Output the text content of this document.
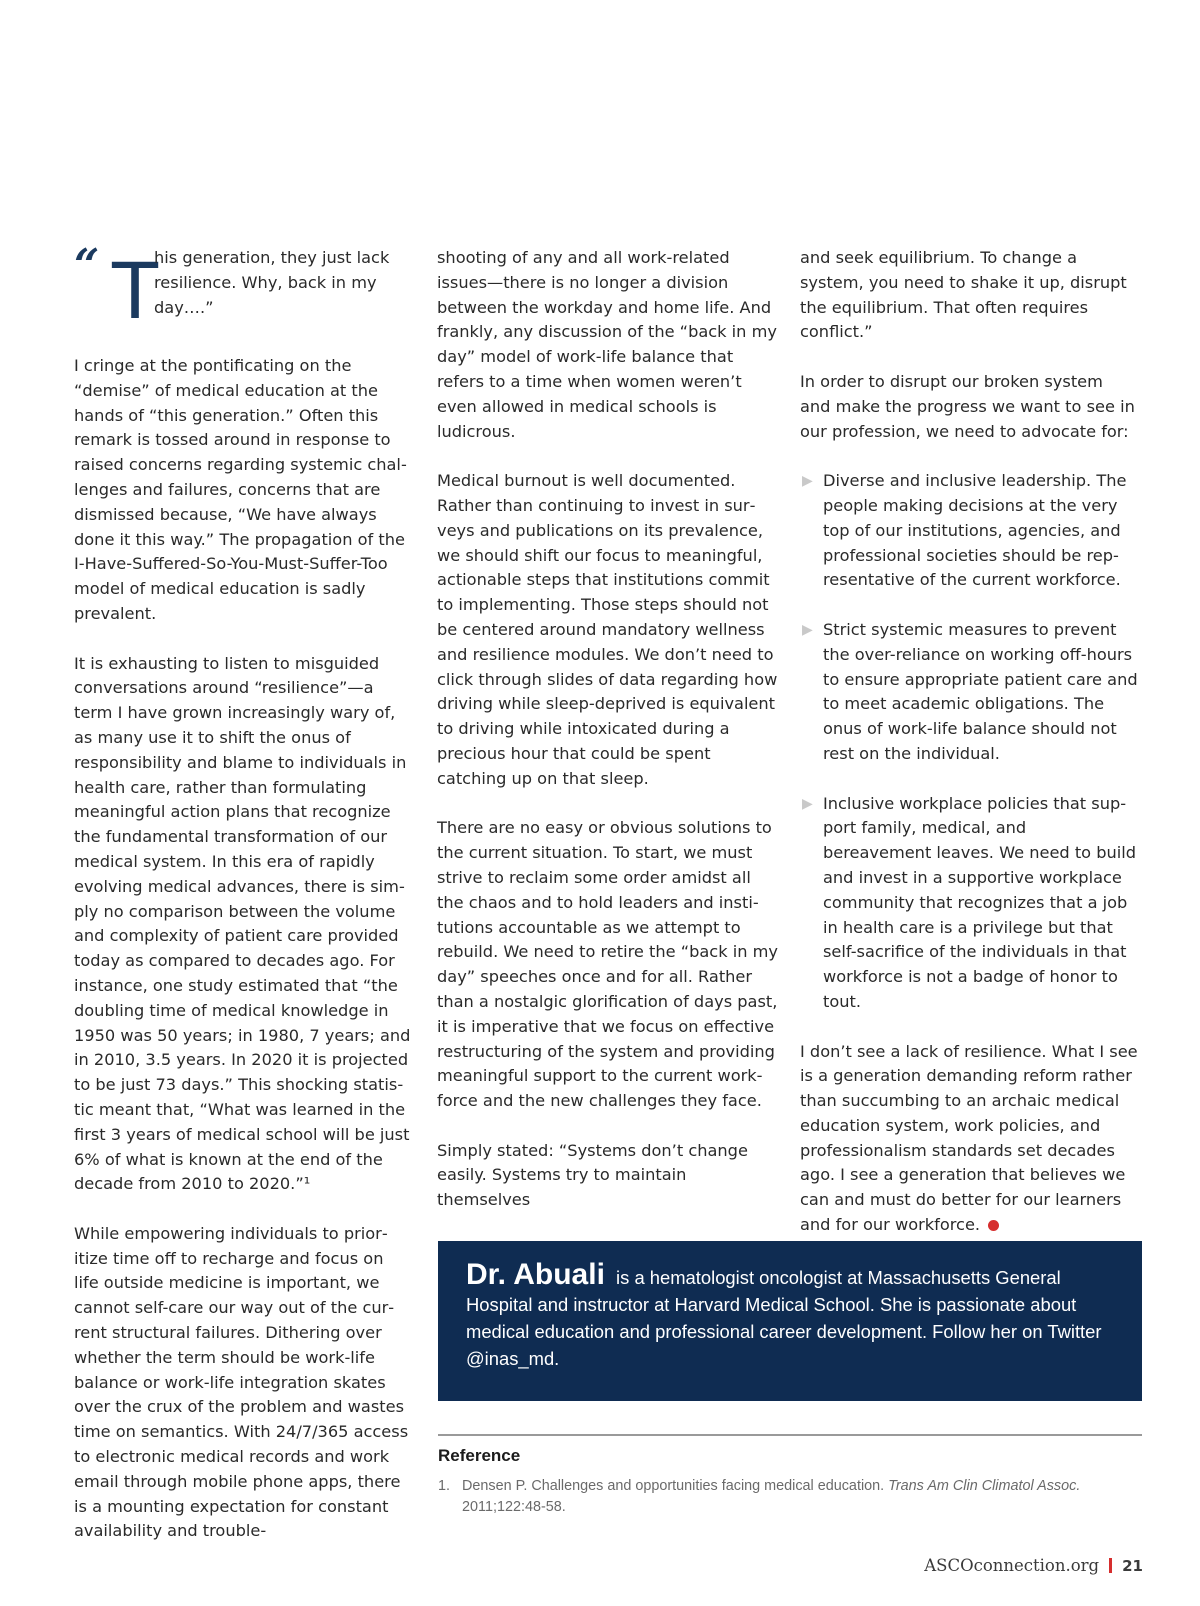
“ T
his generation, they just lack resilience. Why, back in my day….”

I cringe at the pontificating on the “demise” of medical education at the hands of “this generation.” Often this remark is tossed around in response to raised concerns regarding systemic challenges and failures, concerns that are dismissed because, “We have always done it this way.” The propagation of the I-Have-Suffered-So-You-Must-Suffer-Too model of medical education is sadly prevalent.

It is exhausting to listen to misguided conversations around “resilience”—a term I have grown increasingly wary of, as many use it to shift the onus of responsibility and blame to individuals in health care, rather than formulating meaningful action plans that recognize the fundamental transformation of our medical system. In this era of rapidly evolving medical advances, there is simply no comparison between the volume and complexity of patient care provided today as compared to decades ago. For instance, one study estimated that “the doubling time of medical knowledge in 1950 was 50 years; in 1980, 7 years; and in 2010, 3.5 years. In 2020 it is projected to be just 73 days.” This shocking statistic meant that, “What was learned in the first 3 years of medical school will be just 6% of what is known at the end of the decade from 2010 to 2020.”¹

While empowering individuals to prioritize time off to recharge and focus on life outside medicine is important, we cannot self-care our way out of the current structural failures. Dithering over whether the term should be work-life balance or work-life integration skates over the crux of the problem and wastes time on semantics. With 24/7/365 access to electronic medical records and work email through mobile phone apps, there is a mounting expectation for constant availability and trouble-

shooting of any and all work-related issues—there is no longer a division between the workday and home life. And frankly, any discussion of the “back in my day” model of work-life balance that refers to a time when women weren’t even allowed in medical schools is ludicrous.

Medical burnout is well documented. Rather than continuing to invest in surveys and publications on its prevalence, we should shift our focus to meaningful, actionable steps that institutions commit to implementing. Those steps should not be centered around mandatory wellness and resilience modules. We don’t need to click through slides of data regarding how driving while sleep-deprived is equivalent to driving while intoxicated during a precious hour that could be spent catching up on that sleep.

There are no easy or obvious solutions to the current situation. To start, we must strive to reclaim some order amidst all the chaos and to hold leaders and institutions accountable as we attempt to rebuild. We need to retire the “back in my day” speeches once and for all. Rather than a nostalgic glorification of days past, it is imperative that we focus on effective restructuring of the system and providing meaningful support to the current workforce and the new challenges they face.

Simply stated: “Systems don’t change easily. Systems try to maintain themselves

and seek equilibrium. To change a system, you need to shake it up, disrupt the equilibrium. That often requires conflict.”

In order to disrupt our broken system and make the progress we want to see in our profession, we need to advocate for:

▶ Diverse and inclusive leadership. The people making decisions at the very top of our institutions, agencies, and professional societies should be representative of the current workforce.
▶ Strict systemic measures to prevent the over-reliance on working off-hours to ensure appropriate patient care and to meet academic obligations. The onus of work-life balance should not rest on the individual.
▶ Inclusive workplace policies that support family, medical, and bereavement leaves. We need to build and invest in a supportive workplace community that recognizes that a job in health care is a privilege but that self-sacrifice of the individuals in that workforce is not a badge of honor to tout.

I don’t see a lack of resilience. What I see is a generation demanding reform rather than succumbing to an archaic medical education system, work policies, and professionalism standards set decades ago. I see a generation that believes we can and must do better for our learners and for our workforce.

Dr. Abuali is a hematologist oncologist at Massachusetts General Hospital and instructor at Harvard Medical School. She is passionate about medical education and professional career development. Follow her on Twitter @inas_md.
Reference
1. Densen P. Challenges and opportunities facing medical education. Trans Am Clin Climatol Assoc.
2011;122:48-58.
ASCOconnection.org 21
